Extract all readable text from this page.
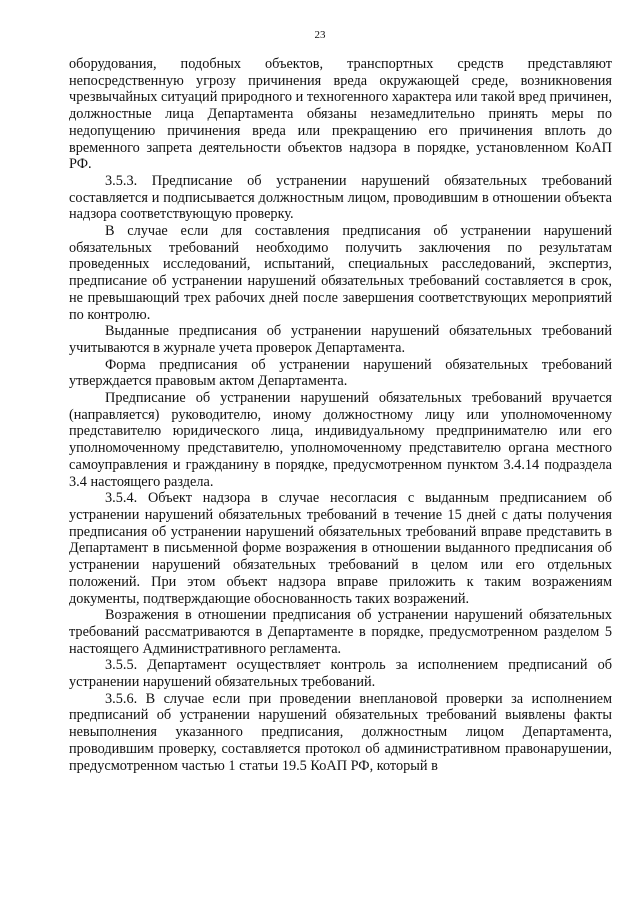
23

оборудования, подобных объектов, транспортных средств представляют непосредственную угрозу причинения вреда окружающей среде, возникновения чрезвычайных ситуаций природного и техногенного характера или такой вред причинен, должностные лица Департамента обязаны незамедлительно принять меры по недопущению причинения вреда или прекращению его причинения вплоть до временного запрета деятельности объектов надзора в порядке, установленном КоАП РФ.

3.5.3. Предписание об устранении нарушений обязательных требований составляется и подписывается должностным лицом, проводившим в отношении объекта надзора соответствующую проверку.

В случае если для составления предписания об устранении нарушений обязательных требований необходимо получить заключения по результатам проведенных исследований, испытаний, специальных расследований, экспертиз, предписание об устранении нарушений обязательных требований составляется в срок, не превышающий трех рабочих дней после завершения соответствующих мероприятий по контролю.

Выданные предписания об устранении нарушений обязательных требований учитываются в журнале учета проверок Департамента.

Форма предписания об устранении нарушений обязательных требований утверждается правовым актом Департамента.

Предписание об устранении нарушений обязательных требований вручается (направляется) руководителю, иному должностному лицу или уполномоченному представителю юридического лица, индивидуальному предпринимателю или его уполномоченному представителю, уполномоченному представителю органа местного самоуправления и гражданину в порядке, предусмотренном пунктом 3.4.14 подраздела 3.4 настоящего раздела.

3.5.4. Объект надзора в случае несогласия с выданным предписанием об устранении нарушений обязательных требований в течение 15 дней с даты получения предписания об устранении нарушений обязательных требований вправе представить в Департамент в письменной форме возражения в отношении выданного предписания об устранении нарушений обязательных требований в целом или его отдельных положений. При этом объект надзора вправе приложить к таким возражениям документы, подтверждающие обоснованность таких возражений.

Возражения в отношении предписания об устранении нарушений обязательных требований рассматриваются в Департаменте в порядке, предусмотренном разделом 5 настоящего Административного регламента.

3.5.5. Департамент осуществляет контроль за исполнением предписаний об устранении нарушений обязательных требований.

3.5.6. В случае если при проведении внеплановой проверки за исполнением предписаний об устранении нарушений обязательных требований выявлены факты невыполнения указанного предписания, должностным лицом Департамента, проводившим проверку, составляется протокол об административном правонарушении, предусмотренном частью 1 статьи 19.5 КоАП РФ, который в
